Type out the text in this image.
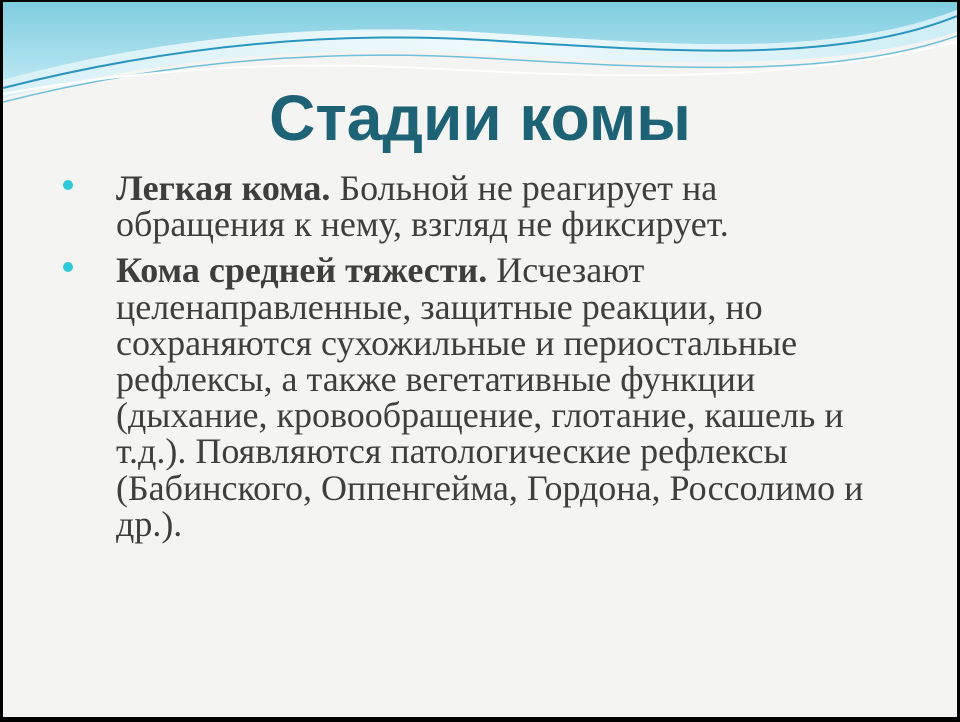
Стадии комы
Легкая кома. Больной не реагирует на обращения к нему, взгляд не фиксирует.
Кома средней тяжести. Исчезают целенаправленные, защитные реакции, но сохраняются сухожильные и периостальные рефлексы, а также вегетативные функции (дыхание, кровообращение, глотание, кашель и т.д.). Появляются патологические рефлексы (Бабинского, Оппенгейма, Гордона, Россолимо и др.).
